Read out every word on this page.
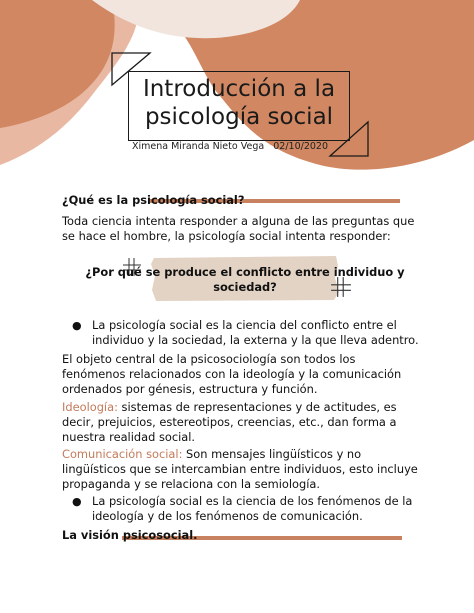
Introducción a la
psicología social
Ximena Miranda Nieto Vega 02/10/2020
¿Qué es la psicología social?
Toda ciencia intenta responder a alguna de las preguntas que se hace el hombre, la psicología social intenta responder:
¿Por qué se produce el conflicto entre individuo y sociedad?
● La psicología social es la ciencia del conflicto entre el individuo y la sociedad, la externa y la que lleva adentro.
El objeto central de la psicosociología son todos los fenómenos relacionados con la ideología y la comunicación ordenados por génesis, estructura y función.
Ideología: sistemas de representaciones y de actitudes, es decir, prejuicios, estereotipos, creencias, etc., dan forma a nuestra realidad social.
Comunicación social: Son mensajes lingüísticos y no lingüísticos que se intercambian entre individuos, esto incluye propaganda y se relaciona con la semiología.
● La psicología social es la ciencia de los fenómenos de la ideología y de los fenómenos de comunicación.
La visión psicosocial.
